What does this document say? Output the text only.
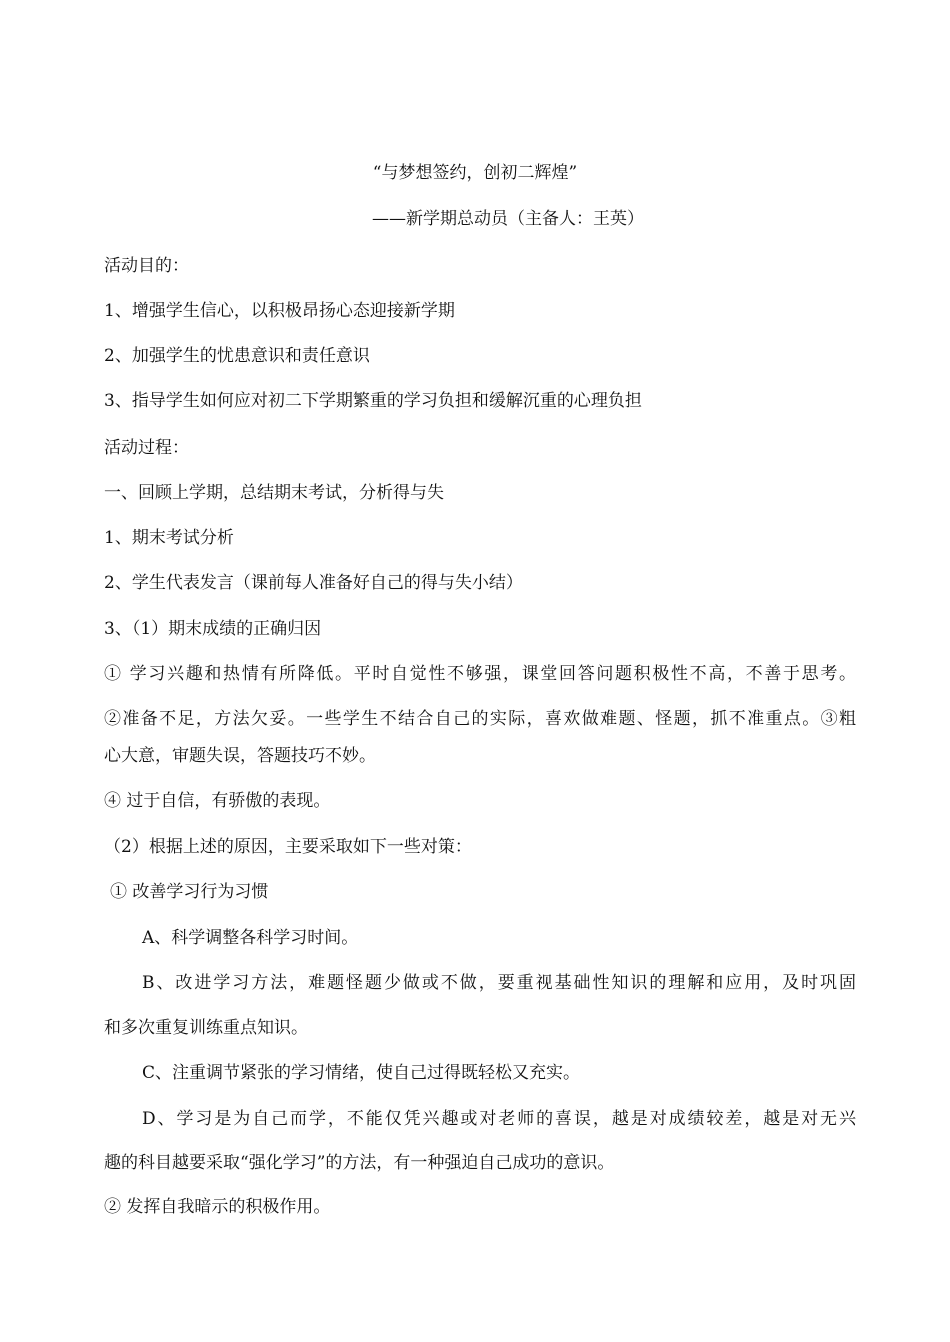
“与梦想签约，创初二辉煌”
——新学期总动员（主备人：王英）
活动目的：
1、增强学生信心，以积极昂扬心态迎接新学期
2、加强学生的忧患意识和责任意识
3、指导学生如何应对初二下学期繁重的学习负担和缓解沉重的心理负担
活动过程：
一、回顾上学期，总结期末考试，分析得与失
1、期末考试分析
2、学生代表发言（课前每人准备好自己的得与失小结）
3、（1）期末成绩的正确归因
① 学习兴趣和热情有所降低。平时自觉性不够强，课堂回答问题积极性不高，不善于思考。
②准备不足，方法欠妥。一些学生不结合自己的实际，喜欢做难题、怪题，抓不准重点。③粗
心大意，审题失误，答题技巧不妙。
④ 过于自信，有骄傲的表现。
（2）根据上述的原因，主要采取如下一些对策：
① 改善学习行为习惯
A、科学调整各科学习时间。
B、改进学习方法，难题怪题少做或不做，要重视基础性知识的理解和应用，及时巩固
和多次重复训练重点知识。
C、注重调节紧张的学习情绪，使自己过得既轻松又充实。
D、学习是为自己而学，不能仅凭兴趣或对老师的喜误，越是对成绩较差，越是对无兴
趣的科目越要采取“强化学习”的方法，有一种强迫自己成功的意识。
② 发挥自我暗示的积极作用。
